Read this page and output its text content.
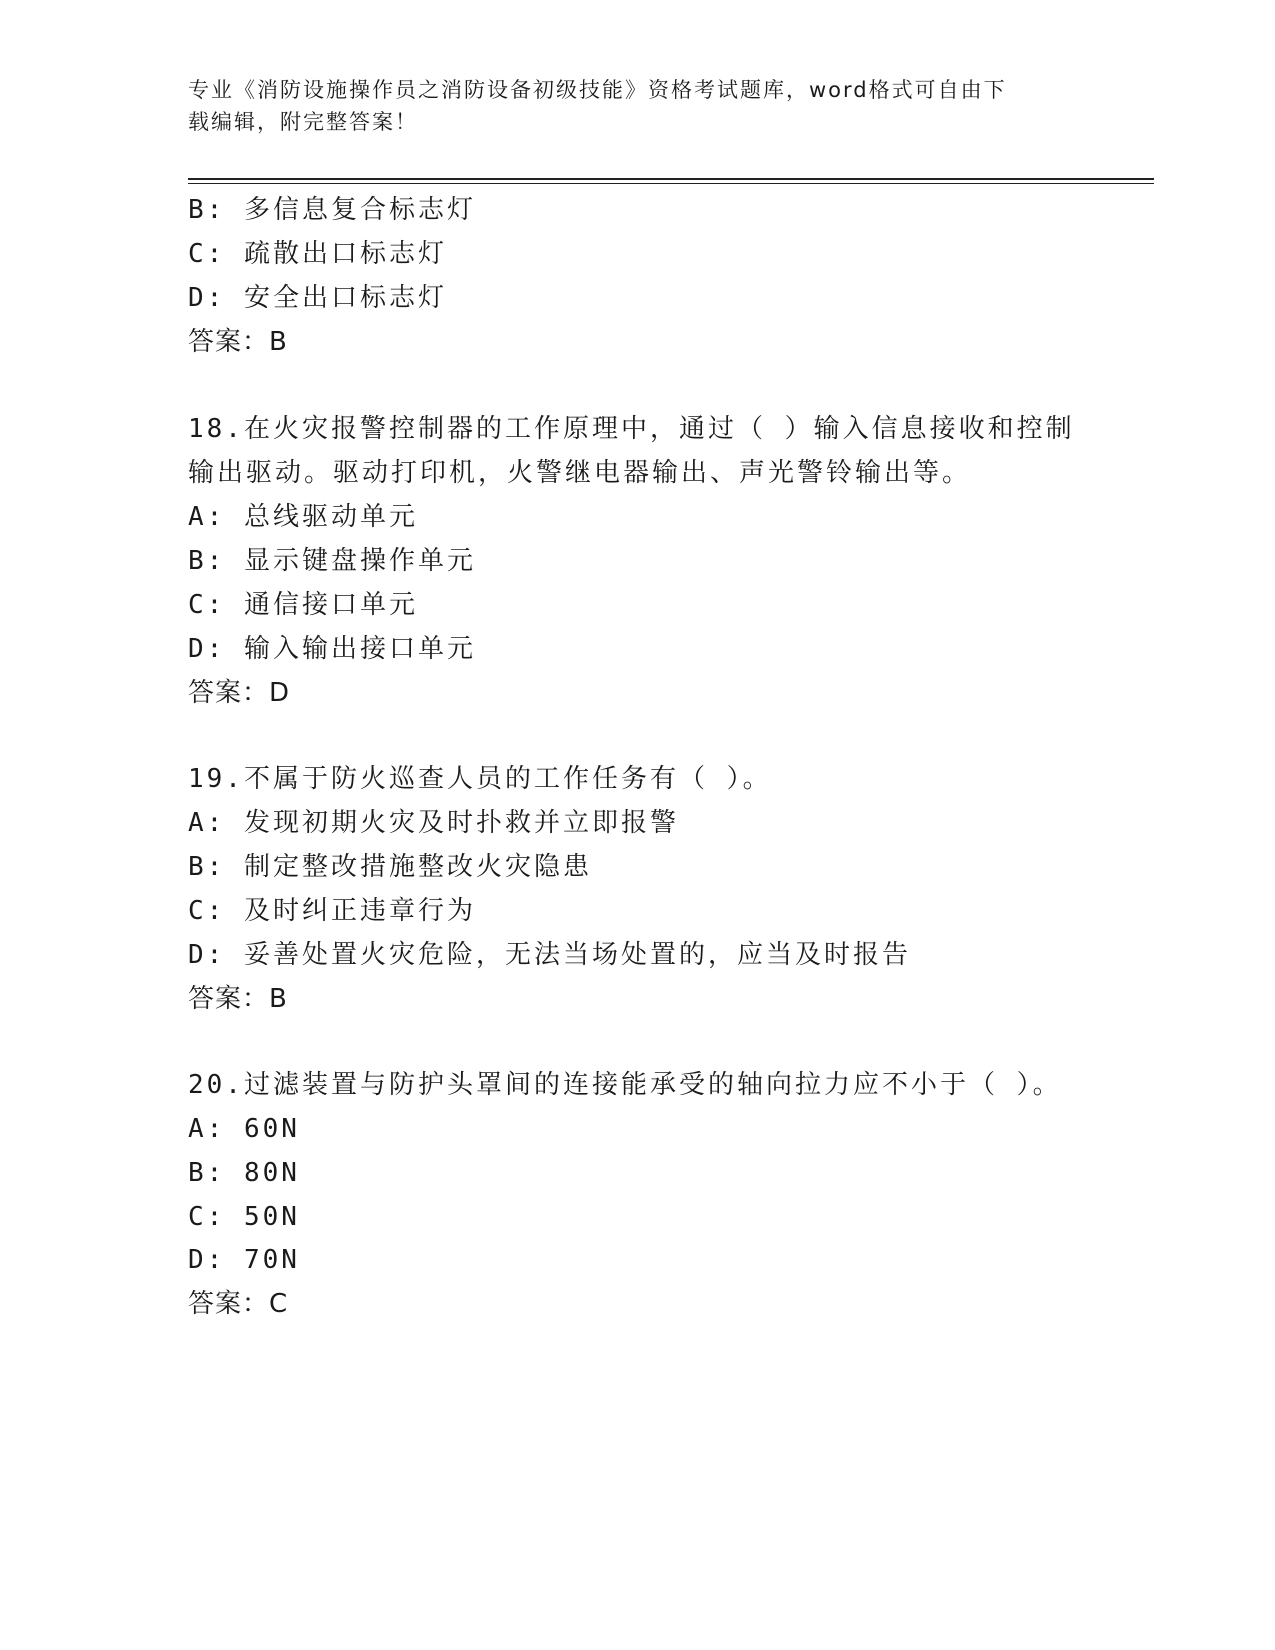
专业《消防设施操作员之消防设备初级技能》资格考试题库，word格式可自由下
载编辑，附完整答案！
B: 多信息复合标志灯
C: 疏散出口标志灯
D: 安全出口标志灯
答案：B
18.在火灾报警控制器的工作原理中，通过（ ）输入信息接收和控制
输出驱动。驱动打印机，火警继电器输出、声光警铃输出等。
A: 总线驱动单元
B: 显示键盘操作单元
C: 通信接口单元
D: 输入输出接口单元
答案：D
19.不属于防火巡查人员的工作任务有（ ）。
A: 发现初期火灾及时扑救并立即报警
B: 制定整改措施整改火灾隐患
C: 及时纠正违章行为
D: 妥善处置火灾危险，无法当场处置的，应当及时报告
答案：B
20.过滤装置与防护头罩间的连接能承受的轴向拉力应不小于（ ）。
A: 60N
B: 80N
C: 50N
D: 70N
答案：C
